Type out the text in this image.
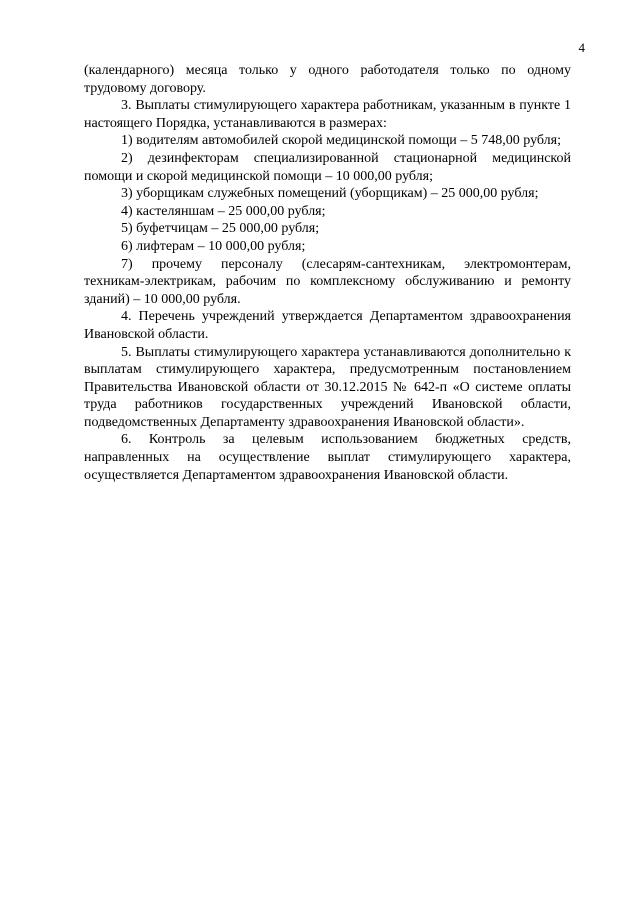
4

(календарного) месяца только у одного работодателя только по одному трудовому договору.

3. Выплаты стимулирующего характера работникам, указанным в пункте 1 настоящего Порядка, устанавливаются в размерах:

1) водителям автомобилей скорой медицинской помощи – 5 748,00 рубля;

2) дезинфекторам специализированной стационарной медицинской помощи и скорой медицинской помощи – 10 000,00 рубля;

3) уборщикам служебных помещений (уборщикам) – 25 000,00 рубля;

4) кастеляншам – 25 000,00 рубля;

5) буфетчицам – 25 000,00 рубля;

6) лифтерам – 10 000,00 рубля;

7) прочему персоналу (слесарям-сантехникам, электромонтерам, техникам-электрикам, рабочим по комплексному обслуживанию и ремонту зданий) – 10 000,00 рубля.

4. Перечень учреждений утверждается Департаментом здравоохранения Ивановской области.

5. Выплаты стимулирующего характера устанавливаются дополнительно к выплатам стимулирующего характера, предусмотренным постановлением Правительства Ивановской области от 30.12.2015 № 642-п «О системе оплаты труда работников государственных учреждений Ивановской области, подведомственных Департаменту здравоохранения Ивановской области».

6. Контроль за целевым использованием бюджетных средств, направленных на осуществление выплат стимулирующего характера, осуществляется Департаментом здравоохранения Ивановской области.
